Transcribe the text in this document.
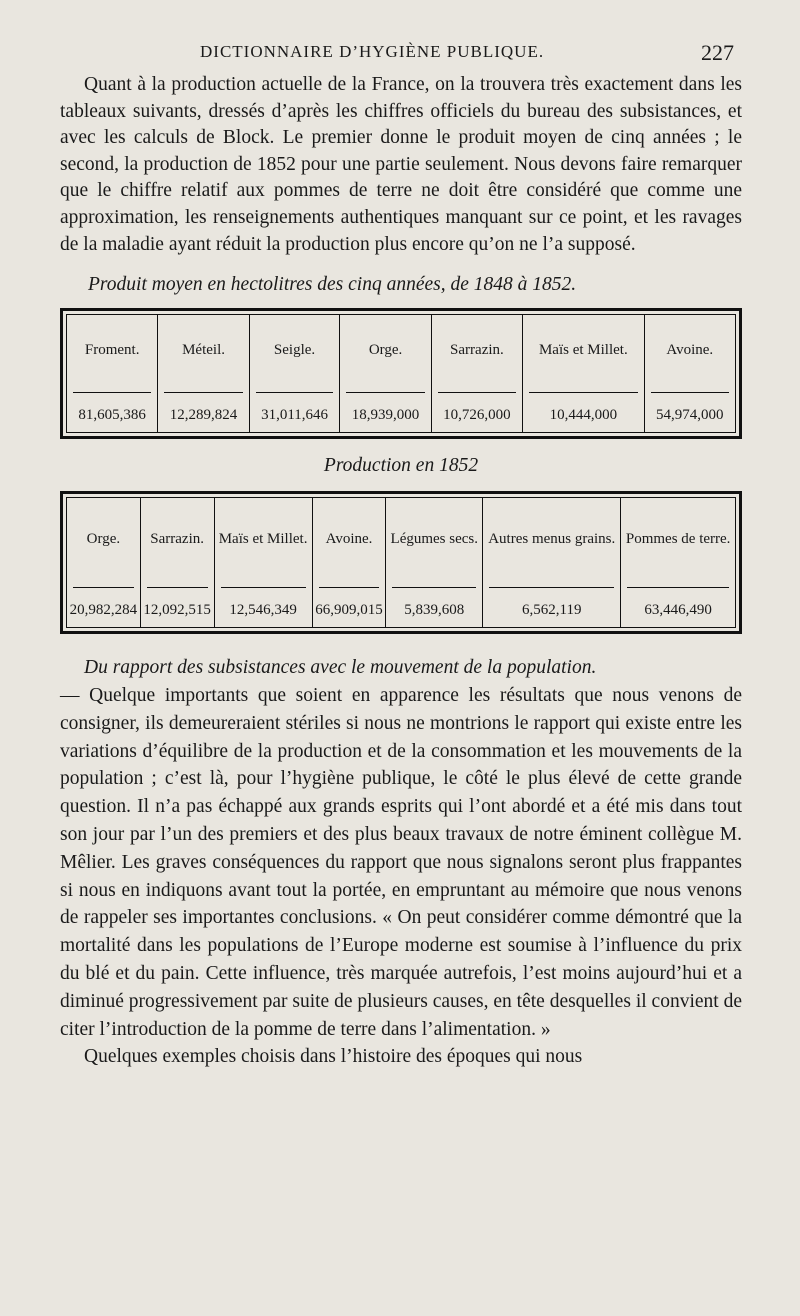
DICTIONNAIRE D’HYGIÈNE PUBLIQUE.	227

Quant à la production actuelle de la France, on la trouvera très exactement dans les tableaux suivants, dressés d’après les chiffres officiels du bureau des subsistances, et avec les calculs de Block. Le premier donne le produit moyen de cinq années ; le second, la production de 1852 pour une partie seulement. Nous devons faire remarquer que le chiffre relatif aux pommes de terre ne doit être considéré que comme une approximation, les renseignements authentiques manquant sur ce point, et les ravages de la maladie ayant réduit la production plus encore qu’on ne l’a supposé.

Produit moyen en hectolitres des cinq années, de 1848 à 1852.
Froment.	Méteil.	Seigle.	Orge.	Sarrazin.	Maïs et Millet.	Avoine.

81,605,386	12,289,824	31,011,646	18,939,000	10,726,000	10,444,000	54,974,000
Production en 1852
Orge.	Sarrazin.	Maïs et Millet.	Avoine.	Légumes secs.	Autres menus grains.	Pommes de terre.

20,982,284	12,092,515	12,546,349	66,909,015	5,839,608	6,562,119	63,446,490

Du rapport des subsistances avec le mouvement de la population.

— Quelque importants que soient en apparence les résultats que nous venons de consigner, ils demeureraient stériles si nous ne montrions le rapport qui existe entre les variations d’équilibre de la production et de la consommation et les mouvements de la population ; c’est là, pour l’hygiène publique, le côté le plus élevé de cette grande question. Il n’a pas échappé aux grands esprits qui l’ont abordé et a été mis dans tout son jour par l’un des premiers et des plus beaux travaux de notre éminent collègue M. Mêlier. Les graves conséquences du rapport que nous signalons seront plus frappantes si nous en indiquons avant tout la portée, en empruntant au mémoire que nous venons de rappeler ses importantes conclusions. « On peut considérer comme démontré que la mortalité dans les populations de l’Europe moderne est soumise à l’influence du prix du blé et du pain. Cette influence, très marquée autrefois, l’est moins aujourd’hui et a diminué progressivement par suite de plusieurs causes, en tête desquelles il convient de citer l’introduction de la pomme de terre dans l’alimentation. »

Quelques exemples choisis dans l’histoire des époques qui nous
